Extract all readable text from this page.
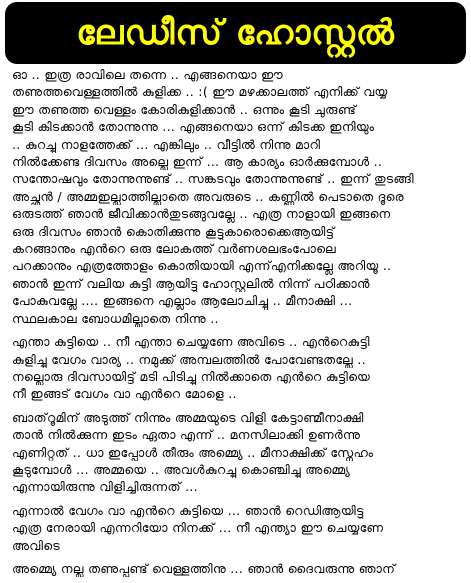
ലേഡീസ് ഹോസ്റ്റൽ
ഓ .. ഇത്ര രാവിലെ തന്നെ .. എങ്ങനെയാ ഈ
തണുത്തവെള്ളത്തിൽ കുളിക്ക .. :( ഈ മഴക്കാലത്ത് എനിക്ക് വയ്യ
ഈ തണുത്ത വെള്ളം കോരികുളിക്കാൻ .. ഒന്നും കൂടി ചുരുണ്ട്
കൂടി കിടക്കാൻ തോന്നുന്നു ... എങ്ങനെയാ ഒന്ന് കിടക്ക ഇനിയും
.. കുറച്ചു നാളത്തേക്ക് ... എങ്കിലും .. വീട്ടിൽ നിന്നു മാറി
നിൽക്കേണ്ട ദിവസം അല്ലെ ഇന്ന് ... ആ കാര്യം ഓർക്കുമ്പോള്‍ ..
സന്തോഷവും തോന്നുന്നുണ്ട് .. സങ്കടവും തോന്നുന്നുണ്ട് .. ഇന്ന് തുടങ്ങി
അച്ഛൻ / അമ്മഇല്ലാത്തില്ലാതെ അവരുടെ .. കണ്ണിൽ പെടാതെ ദൂരെ
ഒരുടത്ത് ഞാന്‍ ജീവിക്കാൻതുടങ്ങുവല്ലേ .. എത്ര നാളായി ഇങ്ങനെ
ഒരു ദിവസം ഞാൻ കൊതിക്കുന്നു കൂട്ടുകാരൊക്കെആയിട്ട്
കറങ്ങാനും എന്‍റെ ഒരു ലോകത്ത് വർണശലഭംപോലെ
പറക്കാനും എത്രത്തോളം കൊതിയായി എന്ന്എനിക്കല്ലേ അറിയൂ ..
ഞാൻ ഇന്ന് വലിയ കുട്ടി ആയിട്ടു ഹോസ്റ്റലിൽ നിന്ന് പഠിക്കാന്‍
പോകുവല്ലേ .... ഇങ്ങനെ എല്ലാം ആലോചിച്ചു .. മീനാക്ഷി ...
സ്ഥലകാല ബോധമില്ലാതെ നിന്നു ..
എന്താ കുട്ടിയെ .. നീ എന്താ ചെയ്യണേ അവിടെ .. എന്‍റെകുട്ടി
കുളിച്ചു വേഗം വാര്യ .. നമുക്ക് അമ്പലത്തിൽ പോവേണ്ടതല്ലേ ..
നല്ലൊരു ദിവസായിട്ട് മടി പിടിച്ചു നിൽക്കാതെ എന്‍റെ കുട്ടിയെ
നീ ഇങ്ങട് വേഗം വാ എന്‍റെ മോളെ ..
ബാത്‌റൂമിന് അടുത്ത് നിന്നും അമ്മയുടെ വിളി കേട്ടാണ്മീനാക്ഷി
താൻ നിൽക്കുന്ന ഇടം ഏതാ എന്ന് .. മനസിലാക്കി ഉണർന്നു
എണിറ്റത് .. ധാ ഇപ്പോൾ തീരും അമ്മ്യെ .. മീനാക്ഷിക്ക് സ്നേഹം
കൂടുമ്പോൾ ... അമ്മയെ .. അവൾകുറച്ചു കൊഞ്ചിച്ചു അമ്മ്യെ
എന്നായിരുന്നു വിളിച്ചിരുന്നത് ...
എന്നാൽ വേഗം വാ എന്‍റെ കുട്ടിയെ ... ഞാൻ റെഡിആയിട്ടു
എത്ര നേരായി എന്നറിയോ നിനക്ക് ... നീ എന്ത്യാ ഈ ചെയ്യണേ
അവിടെ
അമ്മ്യെ നല്ല തണുപ്പുണ്ട് വെള്ളത്തിനു ... ഞാൻ ദൈവരുന്നു ഞാന്
